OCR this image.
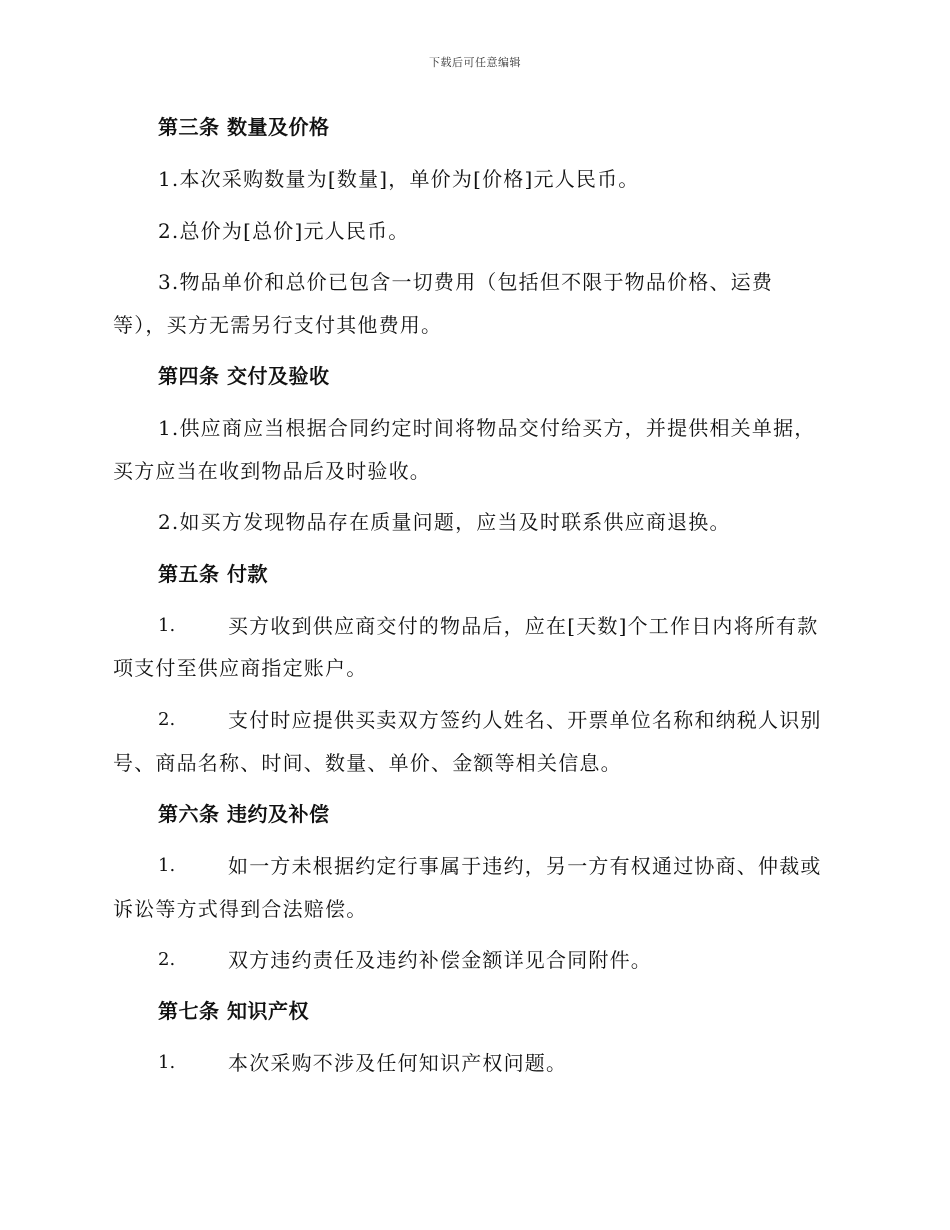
下载后可任意编辑
第三条 数量及价格
1.本次采购数量为[数量]，单价为[价格]元人民币。
2.总价为[总价]元人民币。
3.物品单价和总价已包含一切费用（包括但不限于物品价格、运费
等），买方无需另行支付其他费用。
第四条 交付及验收
1.供应商应当根据合同约定时间将物品交付给买方，并提供相关单据，
买方应当在收到物品后及时验收。
2.如买方发现物品存在质量问题，应当及时联系供应商退换。
第五条 付款
1.	买方收到供应商交付的物品后，应在[天数]个工作日内将所有款
项支付至供应商指定账户。
2.	支付时应提供买卖双方签约人姓名、开票单位名称和纳税人识别
号、商品名称、时间、数量、单价、金额等相关信息。
第六条 违约及补偿
1.	如一方未根据约定行事属于违约，另一方有权通过协商、仲裁或
诉讼等方式得到合法赔偿。
2.	双方违约责任及违约补偿金额详见合同附件。
第七条 知识产权
1.	本次采购不涉及任何知识产权问题。
